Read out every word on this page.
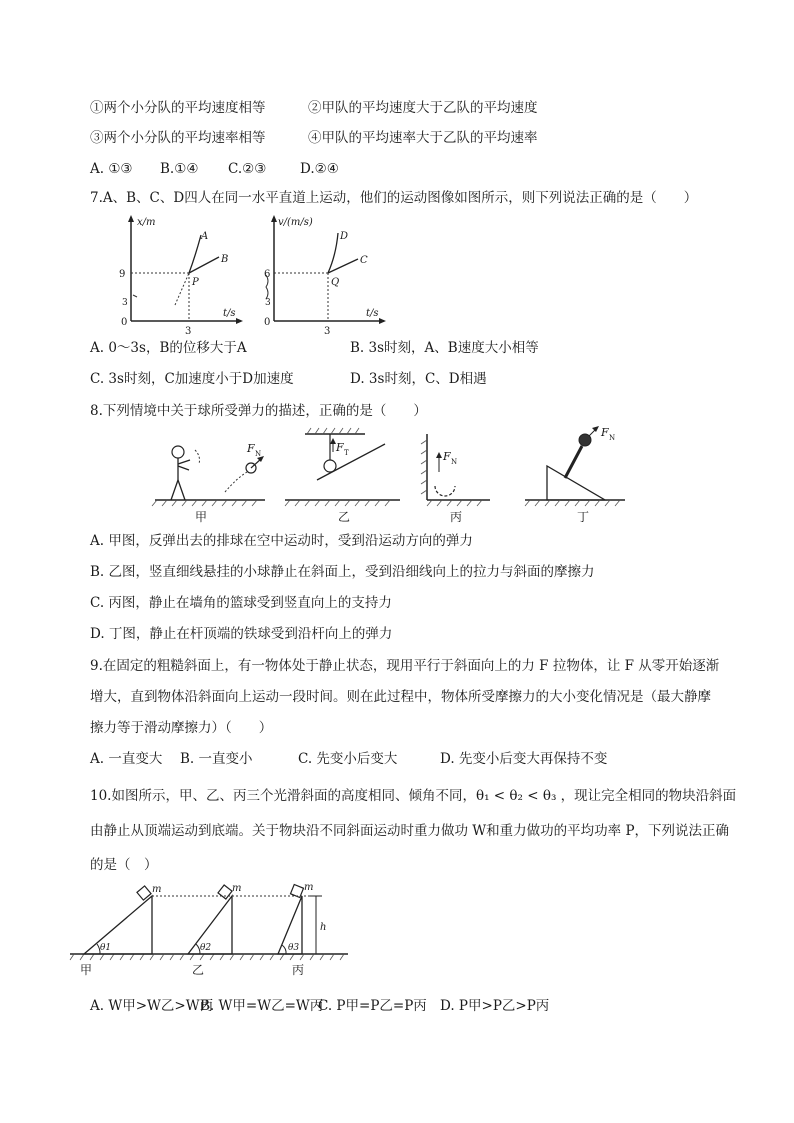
①两个小分队的平均速度相等	②甲队的平均速度大于乙队的平均速度
③两个小分队的平均速率相等	④甲队的平均速率大于乙队的平均速率
A. ①③ B.①④ C.②③ D.②④
7.A、B、C、D四人在同一水平直道上运动，他们的运动图像如图所示，则下列说法正确的是（　　）
x/m
t/s
9
3
0
3
A
B
P
v/(m/s)
t/s
6
3
0
3
D
C
Q
A. 0～3s，B的位移大于A	B. 3s时刻，A、B速度大小相等
C. 3s时刻，C加速度小于D加速度	D. 3s时刻，C、D相遇
8.下列情境中关于球所受弹力的描述，正确的是（　　）
F N	F T	F N
F N
甲	乙	丙	丁
A. 甲图，反弹出去的排球在空中运动时，受到沿运动方向的弹力
B. 乙图，竖直细线悬挂的小球静止在斜面上，受到沿细线向上的拉力与斜面的摩擦力
C. 丙图，静止在墙角的篮球受到竖直向上的支持力
D. 丁图，静止在杆顶端的铁球受到沿杆向上的弹力
9.在固定的粗糙斜面上，有一物体处于静止状态，现用平行于斜面向上的力 F 拉物体，让 F 从零开始逐渐
增大，直到物体沿斜面向上运动一段时间。则在此过程中，物体所受摩擦力的大小变化情况是（最大静摩
擦力等于滑动摩擦力）（　　）
A. 一直变大 B. 一直变小	C. 先变小后变大	D. 先变小后变大再保持不变
10.如图所示，甲、乙、丙三个光滑斜面的高度相同、倾角不同，θ₁ < θ₂ < θ₃ ，现让完全相同的物块沿斜面
由静止从顶端运动到底端。关于物块沿不同斜面运动时重力做功 W和重力做功的平均功率 P，下列说法正确
的是（　）
m	m	m
h
θ1	θ2	θ3
甲	乙	丙
A. W甲>W乙>W丙
B. W甲=W乙=W丙
C. P甲=P乙=P丙 D. P甲>P乙>P丙
